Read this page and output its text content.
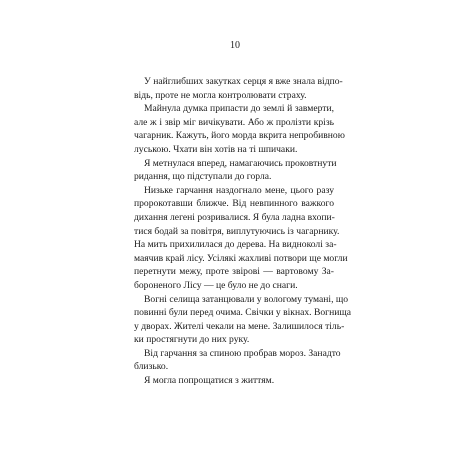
10
У найглибших закутках серця я вже знала відпо-
відь, проте не могла контролювати страху.
Майнула думка припасти до землі й завмерти,
але ж і звір міг вичікувати. Або ж пролізти крізь
чагарник. Кажуть, його морда вкрита непробивною
луською. Чхати він хотів на ті шпичаки.
Я метнулася вперед, намагаючись проковтнути
ридання, що підступали до горла.
Низьке гарчання наздогнало мене, цього разу
пророкотавши ближче. Від невпинного важкого
дихання легені розривалися. Я була ладна вхопи-
тися бодай за повітря, виплутуючись із чагарнику.
На мить прихилилася до дерева. На видноколі за-
маячив край лісу. Усілякі жахливі потвори ще могли
перетнути межу, проте звірові — вартовому За-
бороненого Лісу — це було не до снаги.
Вогні селища затанцювали у вологому тумані, що
повинні були перед очима. Свічки у вікнах. Вогнища
у дворах. Жителі чекали на мене. Залишилося тіль-
ки простягнути до них руку.
Від гарчання за спиною пробрав мороз. Занадто
близько.
Я могла попрощатися з життям.
